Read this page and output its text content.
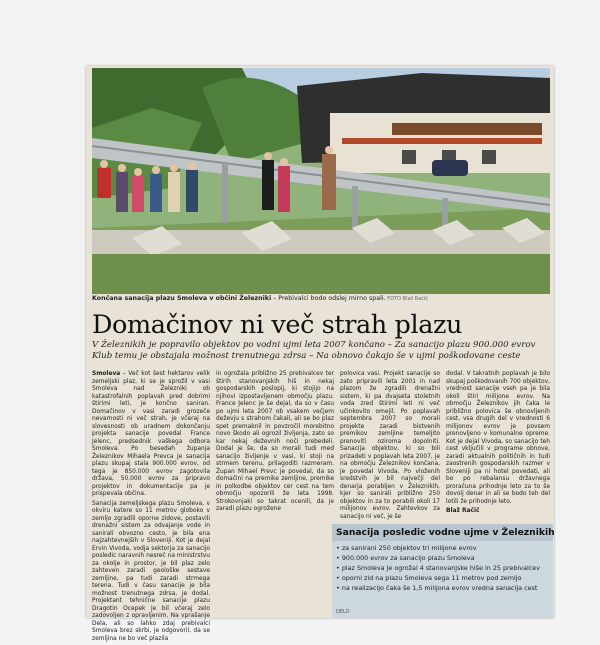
Končana sanacija plazu Smoleva v občini Železniki – Prebivalci bodo odslej mirno spali. FOTO Blaž Račič
Domačinov ni več strah plazu
V Železnikih je popravilo objektov po vodni ujmi leta 2007 končano – Za sanacijo plazu 900.000 evrov Klub temu je obstajala možnost trenutnega zdrsa – Na obnovo čakajo še v ujmi poškodovane ceste

Smoleva – Več kot šest hektarov velik zemeljski plaz, ki se je sprožil v vasi Smoleva nad Železniki ob katastrofalnih poplavah pred dobrimi štirimi leti, je končno saniran. Domačinov v vasi zaradi grozeče nevarnosti ni več strah, je včeraj na slovesnosti ob uradnem dokončanju projekta sanacije povedal France Jelenc, predsednik vaškega odbora Smoleva. Po besedah županja Železnikov Mihaela Prevca je sanacija plazu skupaj stala 900.000 evrov, od tega je 850.000 evrov zagotovila država, 50.000 evrov za pripravo projektov in dokumentacije pa je prispevala občina.

Sanacija zemeljskega plazu Smoleva, v okviru katere so 11 metrov globoko v zemljo zgradili oporne zidove, postavili drenažni sistem za odvajanje vode in saniralí obvozno cesto, je bila ena najzahtevnejših v Sloveniji. Kot je dejal Ervin Vivoda, vodja sektorja za sanacijo posledic naravnih nesreč na ministrstvu za okolje in prostor, je bil plaz zelo zahteven zaradi geološke sestave zemljine, pa tudi zaradi strmega terena. Tudi v času sanacije je bila možnost trenutnega zdrsa, je dodal. Projektant tehnične sanacije plazu Dragotin Ocepek je bil včeraj zelo zadovoljen z opravljenim. Na vprašanje Dela, ali so lahko zdaj prebivalci Smoleva brez skrbi, je odgovoril, da se zemljina ne bo več plazila

in ogrožala približno 25 prebivalcev ter štirih stanovanjskih hiš in nekaj gospodarskih poslopij, ki stojijo na njihovi izpostavljenem območju plazu. France Jelenc je še dejal, da so v času po ujmi leta 2007 ob vsakem večjem deževju s strahom čakali, ali se bo plaz spet premaknil in povzročil morebitno novo škodo ali ogrozil življenja, zato so kar nekaj deževnih noči prebedeli. Dodal je še, da so morali tudi med sanacijo življenje v vasi, ki stoji na strmem terenu, prilagoditi razmeram. Župan Mihael Prevc je povedal, da so domačini na premike zemljine, premike in polkodbe objektov cer cest na tem območju opozorili že leta 1998. Strokovnjaki so takrat ocenili, da je zaradi plazu ogrožene

polovica vasi. Projekt sanacije so zato pripravili leta 2001 in nad plazom že zgradili drenažni sistem, ki pa dvajseta stoletnih voda zred štirimi leti ni več učinkovito omejil. Po poplavah septembra 2007 so morali projekte zaradi bistvenih premikov zemljine temeljito prenoviti oziroma dopolniti. Sanacija objektov, ki so bili prizadeti v poplavah leta 2007, je na območju Železnikov končana, je povedal Vivoda. Po vloženih sredstvih je bil največji del denarja porabljen v Železnikih, kjer so sanirali približno 250 objektov in za to porabili okoli 17 milijonov evrov. Zahtevkov za sanacijo ni več, je še

dodal. V takratnih poplavah je bilo skupaj poškodovanih 700 objektov, vrednost sanacije vseh pa je bila okoli štiri milijone evrov. Na območju Železnikov jih čaka le približno polovica še obnovljenih cest, vsa drugih del v vrednosti 6 milijonov evrov je povsem prenovljeno v komunalne opreme. Kot je dejal Vivoda, so sanacijo teh cest vključili v programe obnove, zaradi aktualnih političnih in tudi zaostrenih gospodarskih razmer v Sloveniji pa ni hotel povedati, ali bo po rebalansu državnega proračuna prihodnje leto za to še dovolj denar in ali se bodo teh del lotili že prihodnje leto.

Blaž Račič

Sanacija posledic vodne ujme v Železnikih
• za sanirani 250 objektov tri milijone evrov
• 900.000 evrov za sanacijo plazu Smoleva
• plaz Smoleva je ogrožal 4 stanovanjske hiše in 25 prebivalcev
• oporni zid na plazu Smoleva sega 11 metrov pod zemljo
• na realizacijo čaka še 1,5 milijona evrov vredna sanacija cest
DELO
